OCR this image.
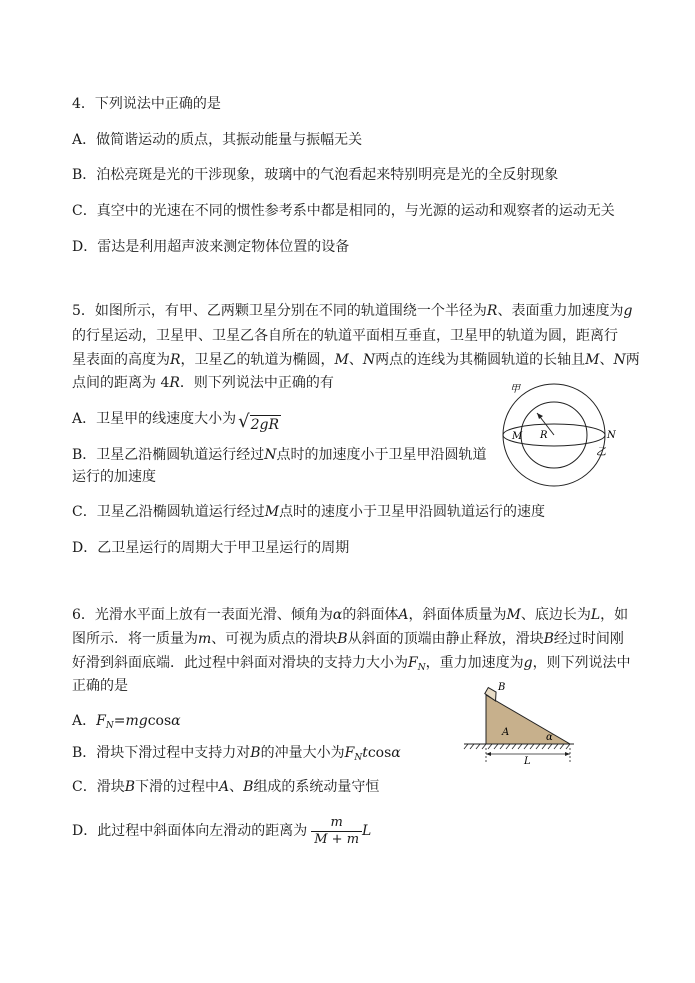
4．下列说法中正确的是
A．做简谐运动的质点，其振动能量与振幅无关
B．泊松亮斑是光的干涉现象，玻璃中的气泡看起来特别明亮是光的全反射现象
C．真空中的光速在不同的惯性参考系中都是相同的，与光源的运动和观察者的运动无关
D．雷达是利用超声波来测定物体位置的设备
5．如图所示，有甲、乙两颗卫星分别在不同的轨道围绕一个半径为R、表面重力加速度为g
的行星运动，卫星甲、卫星乙各自所在的轨道平面相互垂直，卫星甲的轨道为圆，距离行
星表面的高度为R，卫星乙的轨道为椭圆，M、N两点的连线为其椭圆轨道的长轴且M、N两
点间的距离为 4R．则下列说法中正确的有
A．卫星甲的线速度大小为 √2gR
B．卫星乙沿椭圆轨道运行经过N点时的加速度小于卫星甲沿圆轨道
运行的加速度
C．卫星乙沿椭圆轨道运行经过M点时的速度小于卫星甲沿圆轨道运行的速度
D．乙卫星运行的周期大于甲卫星运行的周期
甲
M R	N
乙
6．光滑水平面上放有一表面光滑、倾角为α的斜面体A，斜面体质量为M、底边长为L，如
图所示．将一质量为m、可视为质点的滑块B从斜面的顶端由静止释放，滑块B经过时间刚
好滑到斜面底端．此过程中斜面对滑块的支持力大小为$F_N$，重力加速度为g，则下列说法中
正确的是
A．$F_N=mgcos\alpha$
B．滑块下滑过程中支持力对B的冲量大小为$F_Ntcos\alpha$
C．滑块B下滑的过程中A、B组成的系统动量守恒
D．此过程中斜面体向左滑动的距离为 $\frac{m}{M + m}$ L
B
A	α
L
